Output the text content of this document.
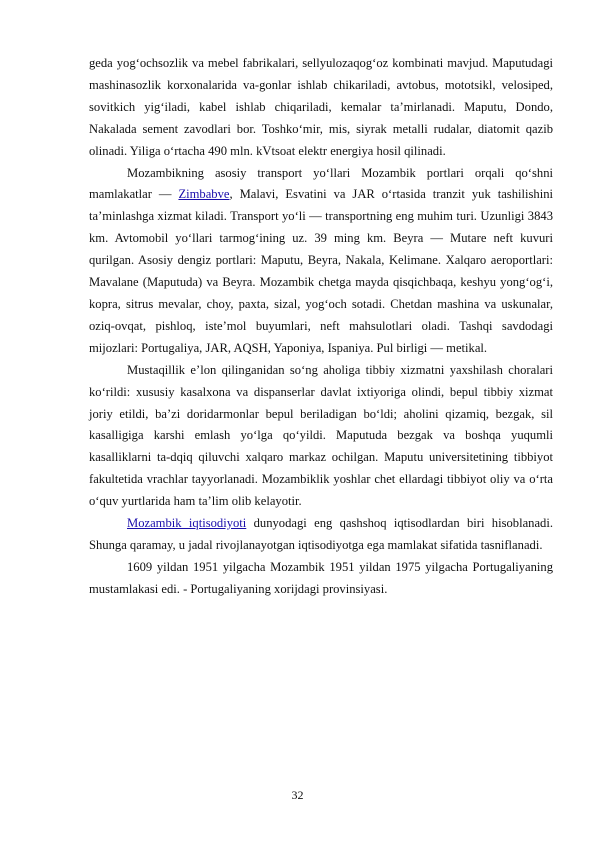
geda yog‘ochsozlik va mebel fabrikalari, sellyulozaqog‘oz kombinati mavjud. Maputudagi mashinasozlik korxonalarida va-gonlar ishlab chikariladi, avtobus, mototsikl, velosiped, sovitkich yig‘iladi, kabel ishlab chiqariladi, kemalar ta’mirlanadi. Maputu, Dondo, Nakalada sement zavodlari bor. Toshko‘mir, mis, siyrak metalli rudalar, diatomit qazib olinadi. Yiliga o‘rtacha 490 mln. kVtsoat elektr energiya hosil qilinadi.

Mozambikning asosiy transport yo‘llari Mozambik portlari orqali qo‘shni mamlakatlar — Zimbabve, Malavi, Esvatini va JAR o‘rtasida tranzit yuk tashilishini ta’minlashga xizmat kiladi. Transport yo‘li — transportning eng muhim turi. Uzunligi 3843 km. Avtomobil yo‘llari tarmog‘ining uz. 39 ming km. Beyra — Mutare neft kuvuri qurilgan. Asosiy dengiz portlari: Maputu, Beyra, Nakala, Kelimane. Xalqaro aeroportlari: Mavalane (Maputuda) va Beyra. Mozambik chetga mayda qisqichbaqa, keshyu yong‘og‘i, kopra, sitrus mevalar, choy, paxta, sizal, yog‘och sotadi. Chetdan mashina va uskunalar, oziq-ovqat, pishloq, iste’mol buyumlari, neft mahsulotlari oladi. Tashqi savdodagi mijozlari: Portugaliya, JAR, AQSH, Yaponiya, Ispaniya. Pul birligi — metikal.

Mustaqillik e’lon qilinganidan so‘ng aholiga tibbiy xizmatni yaxshilash choralari ko‘rildi: xususiy kasalxona va dispanserlar davlat ixtiyoriga olindi, bepul tibbiy xizmat joriy etildi, ba’zi doridarmonlar bepul beriladigan bo‘ldi; aholini qizamiq, bezgak, sil kasalligiga karshi emlash yo‘lga qo‘yildi. Maputuda bezgak va boshqa yuqumli kasalliklarni ta-dqiq qiluvchi xalqaro markaz ochilgan. Maputu universitetining tibbiyot fakultetida vrachlar tayyorlanadi. Mozambiklik yoshlar chet ellardagi tibbiyot oliy va o‘rta o‘quv yurtlarida ham ta’lim olib kelayotir.

Mozambik iqtisodiyoti dunyodagi eng qashshoq iqtisodlardan biri hisoblanadi. Shunga qaramay, u jadal rivojlanayotgan iqtisodiyotga ega mamlakat sifatida tasniflanadi.

1609 yildan 1951 yilgacha Mozambik 1951 yildan 1975 yilgacha Portugaliyaning mustamlakasi edi. - Portugaliyaning xorijdagi provinsiyasi.

32
